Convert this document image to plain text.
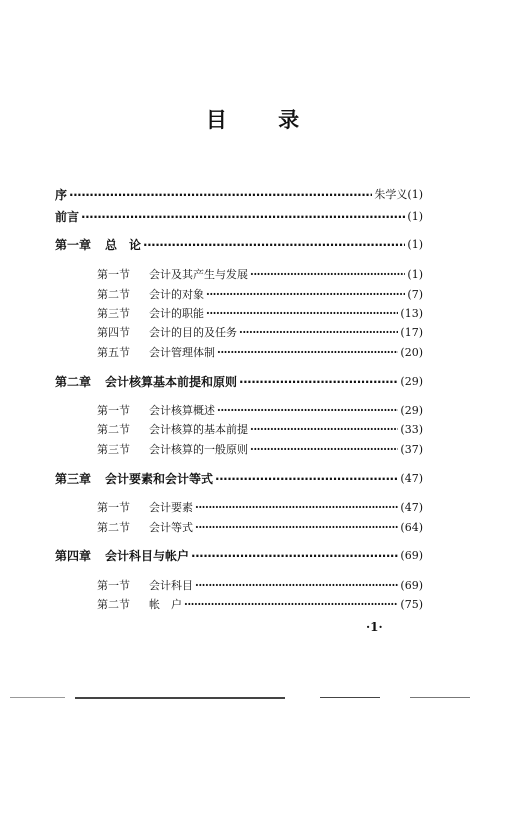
目 录
序 ·····	朱学义(1)
前言 ·····	(1)
第一章	总　论 ·····	(1)
第一节	会计及其产生与发展 ·····	(1)
第二节	会计的对象 ·····	(7)
第三节	会计的职能 ·····	(13)
第四节	会计的目的及任务 ·····	(17)
第五节	会计管理体制 ·····	(20)
第二章	会计核算基本前提和原则 ·····	(29)
第一节	会计核算概述 ·····	(29)
第二节	会计核算的基本前提 ·····	(33)
第三节	会计核算的一般原则 ·····	(37)
第三章	会计要素和会计等式 ·····	(47)
第一节	会计要素 ·····	(47)
第二节	会计等式 ·····	(64)
第四章	会计科目与帐户 ·····	(69)
第一节	会计科目 ·····	(69)
第二节	帐　户 ·····	(75)
·1·
